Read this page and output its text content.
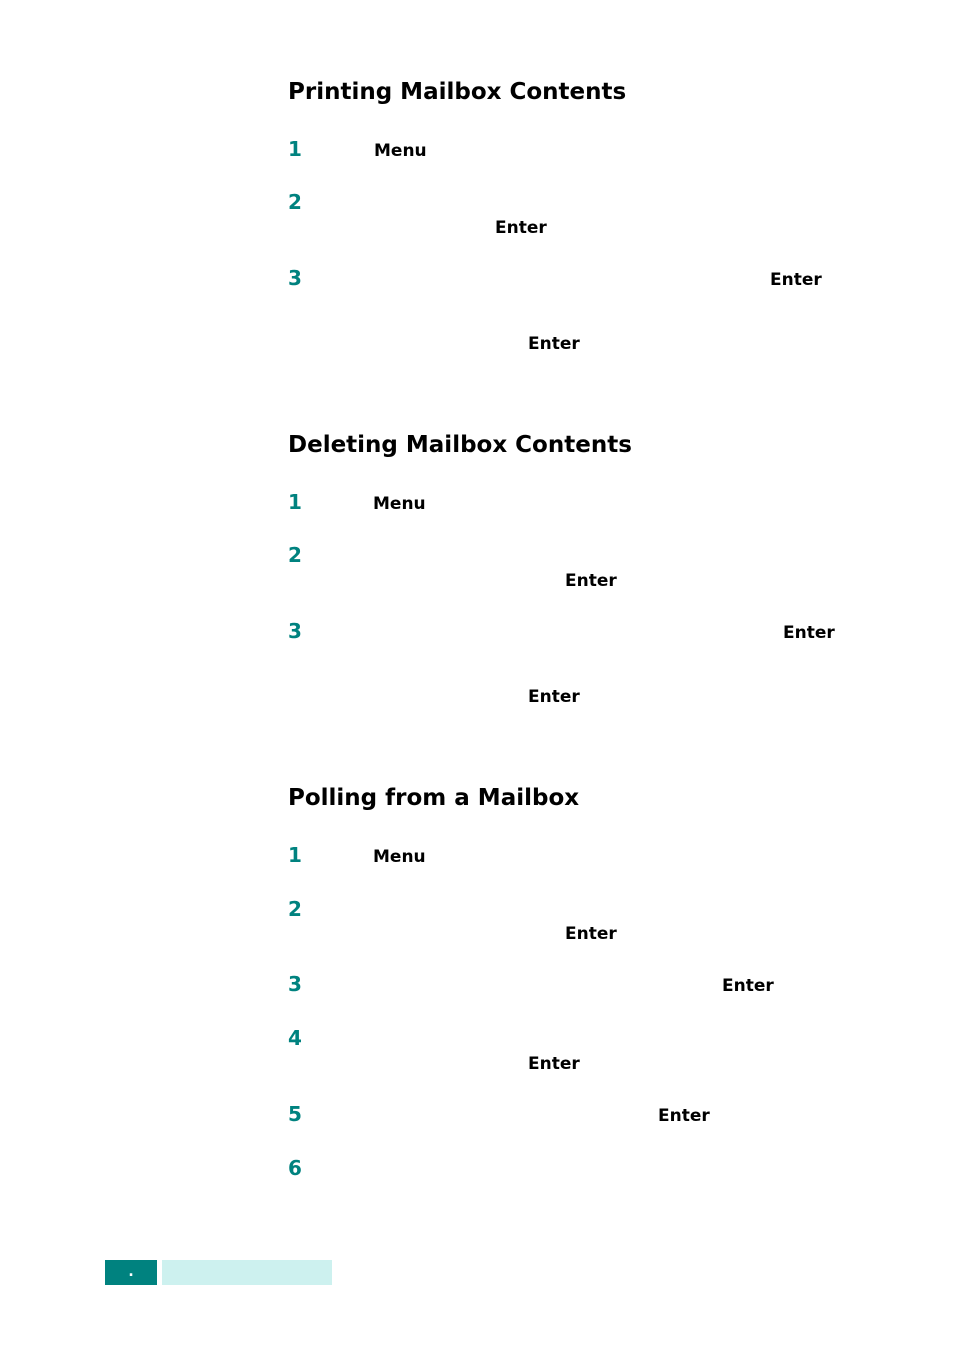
Printing Mailbox Contents
1	Menu
2
Enter
3	Enter
Enter
Deleting Mailbox Contents
1	Menu
2
Enter
3	Enter
Enter
Polling from a Mailbox
1	Menu
2
Enter
3	Enter
4
Enter
5	Enter
6
.
